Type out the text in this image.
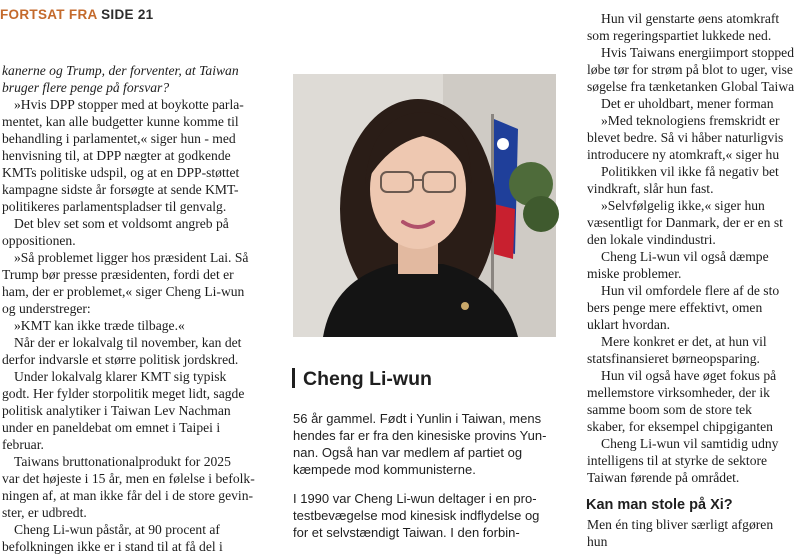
FORTSAT FRA SIDE 21
kanerne og Trump, der forventer, at Taiwan
bruger flere penge på forsvar?
»Hvis DPP stopper med at boykotte parla-
mentet, kan alle budgetter kunne komme til
behandling i parlamentet,« siger hun - med
henvisning til, at DPP nægter at godkende
KMTs politiske udspil, og at en DPP-støttet
kampagne sidste år forsøgte at sende KMT-
politikeres parlamentspladser til genvalg.
Det blev set som et voldsomt angreb på
oppositionen.
»Så problemet ligger hos præsident Lai. Så
Trump bør presse præsidenten, fordi det er
ham, der er problemet,« siger Cheng Li-wun
og understreger:
»KMT kan ikke træde tilbage.«
Når der er lokalvalg til november, kan det
derfor indvarsle et større politisk jordskred.
Under lokalvalg klarer KMT sig typisk
godt. Her fylder storpolitik meget lidt, sagde
politisk analytiker i Taiwan Lev Nachman
under en paneldebat om emnet i Taipei i
februar.
Taiwans bruttonationalprodukt for 2025
var det højeste i 15 år, men en følelse i befolk-
ningen af, at man ikke får del i de store gevin-
ster, er udbredt.
Cheng Li-wun påstår, at 90 procent af
befolkningen ikke er i stand til at få del i
Cheng Li-wun
56 år gammel. Født i Yunlin i Taiwan, mens
hendes far er fra den kinesiske provins Yun-
nan. Også han var medlem af partiet og
kæmpede mod kommunisterne.
I 1990 var Cheng Li-wun deltager i en pro-
testbevægelse mod kinesisk indflydelse og
for et selvstændigt Taiwan. I den forbin-
Hun vil genstarte øens atomkraft
som regeringspartiet lukkede ned.
Hvis Taiwans energiimport stopped
løbe tør for strøm på blot to uger, vise
søgelse fra tænketanken Global Taiwa
Det er uholdbart, mener forman
»Med teknologiens fremskridt er
blevet bedre. Så vi håber naturligvis
introducere ny atomkraft,« siger hu
Politikken vil ikke få negativ bet
vindkraft, slår hun fast.
»Selvfølgelig ikke,« siger hun
væsentligt for Danmark, der er en st
den lokale vindindustri.
Cheng Li-wun vil også dæmpe
miske problemer.
Hun vil omfordele flere af de sto
bers penge mere effektivt, omen
uklart hvordan.
Mere konkret er det, at hun vil
statsfinansieret børneopsparing.
Hun vil også have øget fokus på
mellemstore virksomheder, der ik
samme boom som de store tek
skaber, for eksempel chipgiganten
Cheng Li-wun vil samtidig udny
intelligens til at styrke de sektore
Taiwan førende på området.
Kan man stole på Xi?
Men én ting bliver særligt afgøren
hun
